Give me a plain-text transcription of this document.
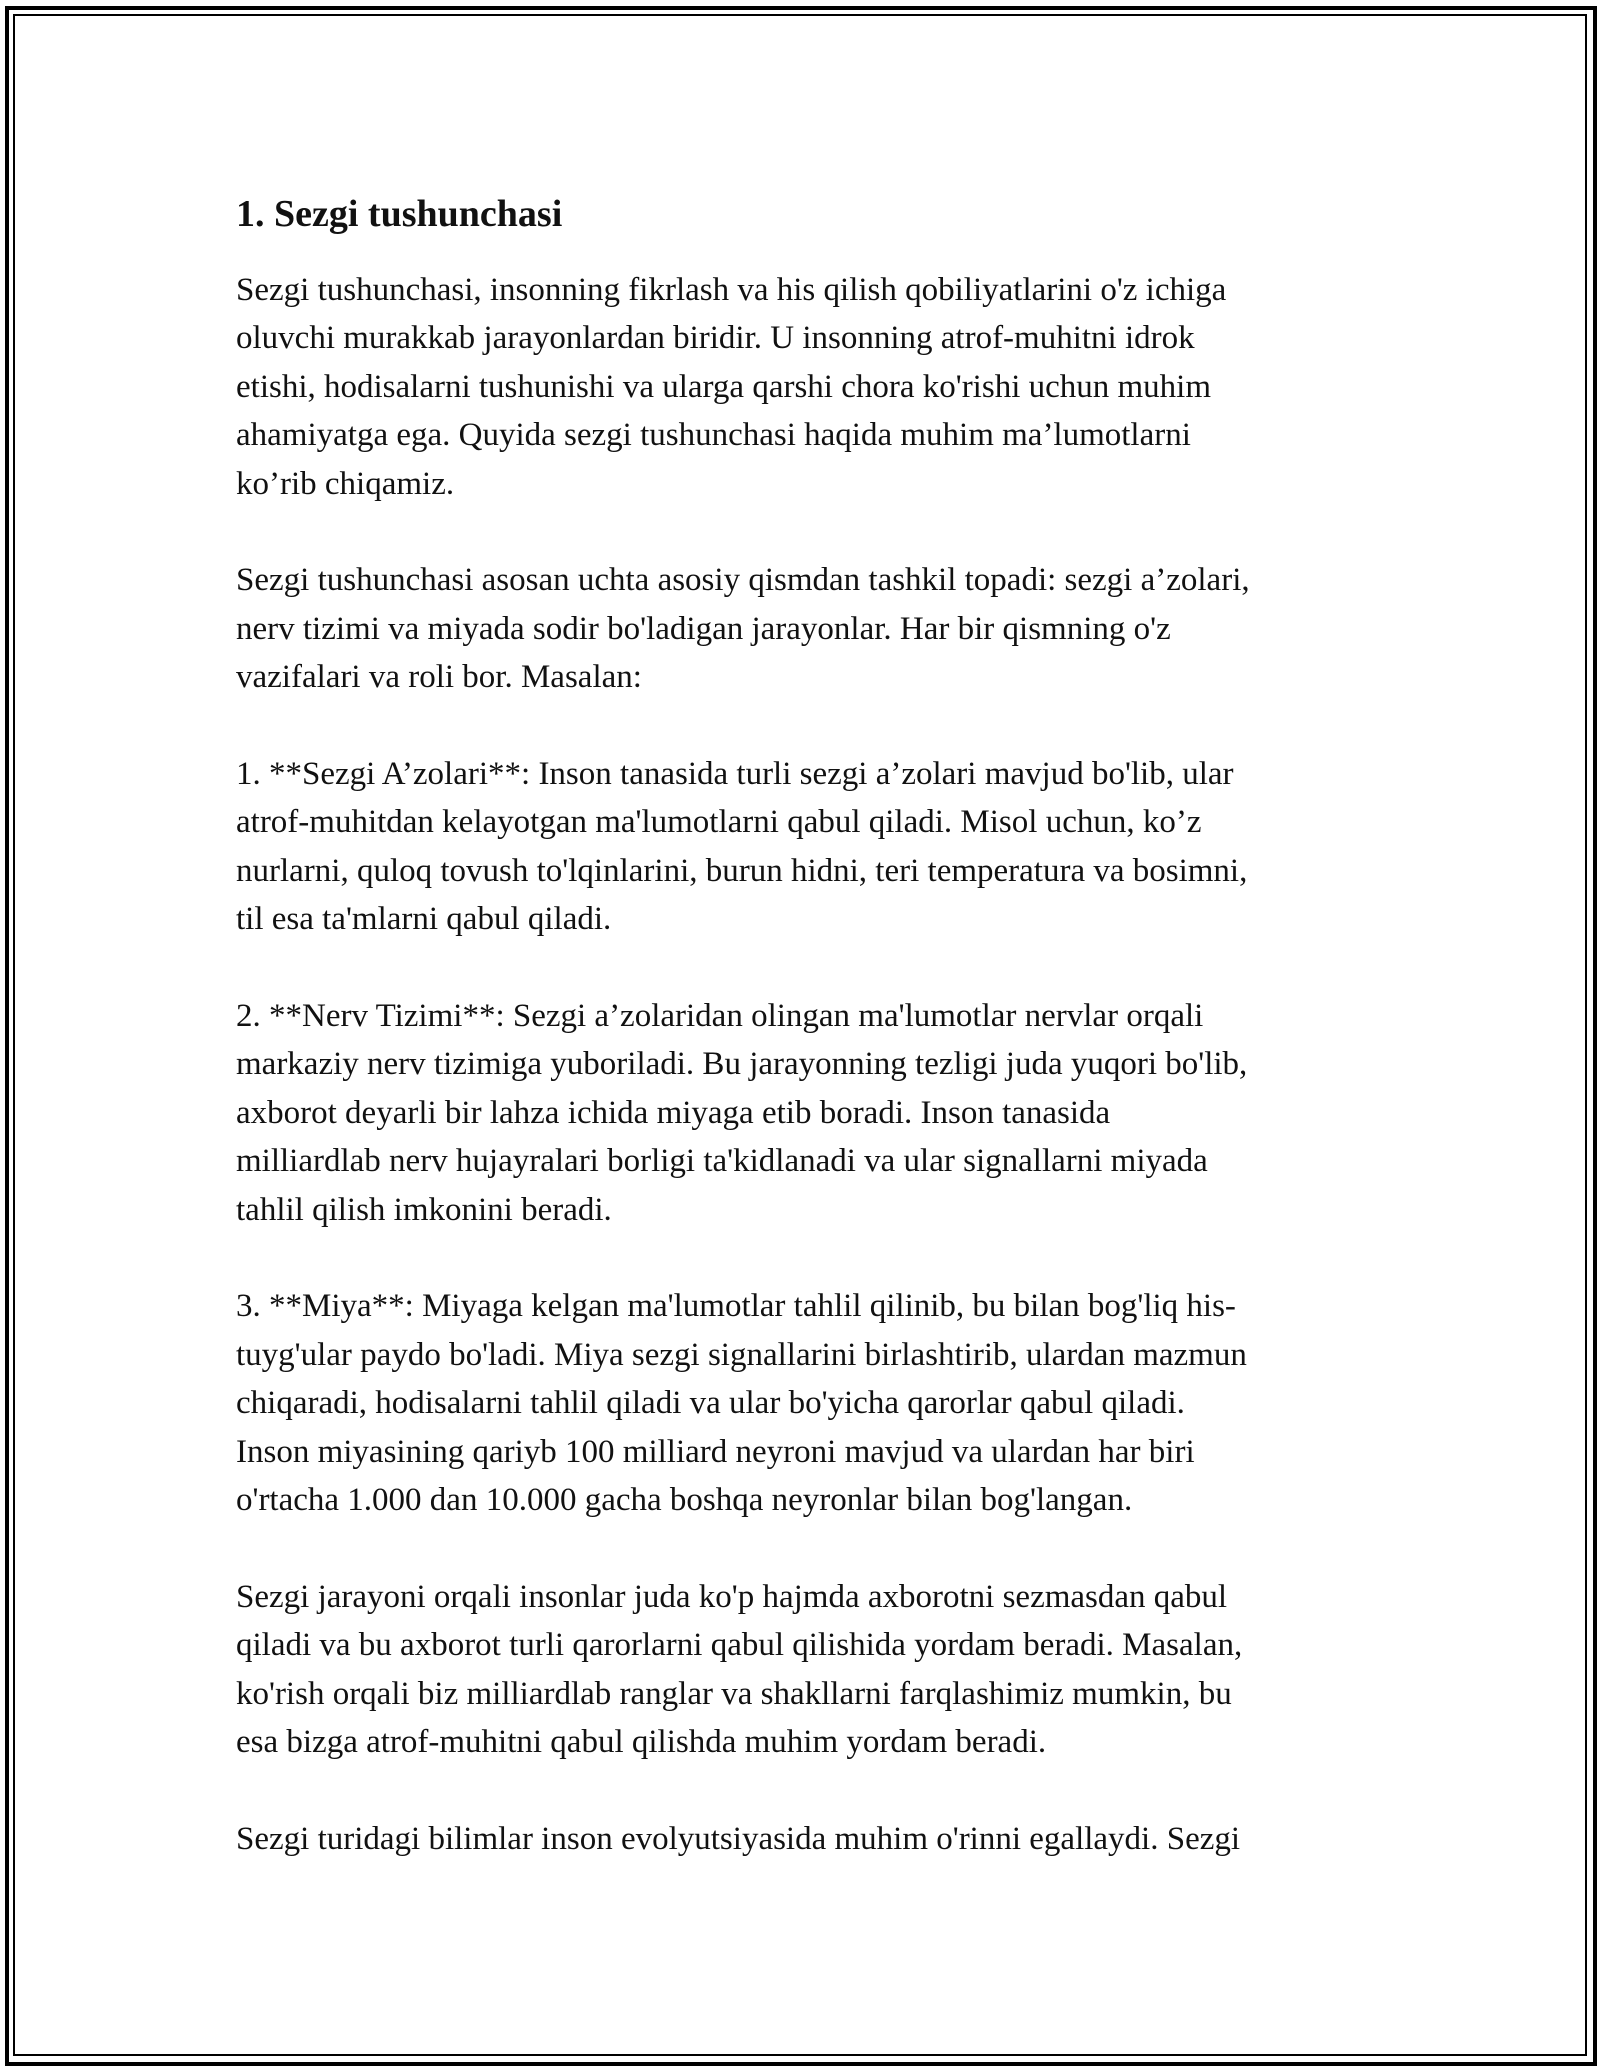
1. Sezgi tushunchasi
Sezgi tushunchasi, insonning fikrlash va his qilish qobiliyatlarini o'z ichiga
oluvchi murakkab jarayonlardan biridir. U insonning atrof-muhitni idrok
etishi, hodisalarni tushunishi va ularga qarshi chora ko'rishi uchun muhim
ahamiyatga ega. Quyida sezgi tushunchasi haqida muhim ma’lumotlarni
ko’rib chiqamiz.
Sezgi tushunchasi asosan uchta asosiy qismdan tashkil topadi: sezgi a’zolari,
nerv tizimi va miyada sodir bo'ladigan jarayonlar. Har bir qismning o'z
vazifalari va roli bor. Masalan:
1. **Sezgi A’zolari**: Inson tanasida turli sezgi a’zolari mavjud bo'lib, ular
atrof-muhitdan kelayotgan ma'lumotlarni qabul qiladi. Misol uchun, ko’z
nurlarni, quloq tovush to'lqinlarini, burun hidni, teri temperatura va bosimni,
til esa ta'mlarni qabul qiladi.
2. **Nerv Tizimi**: Sezgi a’zolaridan olingan ma'lumotlar nervlar orqali
markaziy nerv tizimiga yuboriladi. Bu jarayonning tezligi juda yuqori bo'lib,
axborot deyarli bir lahza ichida miyaga etib boradi. Inson tanasida
milliardlab nerv hujayralari borligi ta'kidlanadi va ular signallarni miyada
tahlil qilish imkonini beradi.
3. **Miya**: Miyaga kelgan ma'lumotlar tahlil qilinib, bu bilan bog'liq his-
tuyg'ular paydo bo'ladi. Miya sezgi signallarini birlashtirib, ulardan mazmun
chiqaradi, hodisalarni tahlil qiladi va ular bo'yicha qarorlar qabul qiladi.
Inson miyasining qariyb 100 milliard neyroni mavjud va ulardan har biri
o'rtacha 1.000 dan 10.000 gacha boshqa neyronlar bilan bog'langan.
Sezgi jarayoni orqali insonlar juda ko'p hajmda axborotni sezmasdan qabul
qiladi va bu axborot turli qarorlarni qabul qilishida yordam beradi. Masalan,
ko'rish orqali biz milliardlab ranglar va shakllarni farqlashimiz mumkin, bu
esa bizga atrof-muhitni qabul qilishda muhim yordam beradi.
Sezgi turidagi bilimlar inson evolyutsiyasida muhim o'rinni egallaydi. Sezgi
